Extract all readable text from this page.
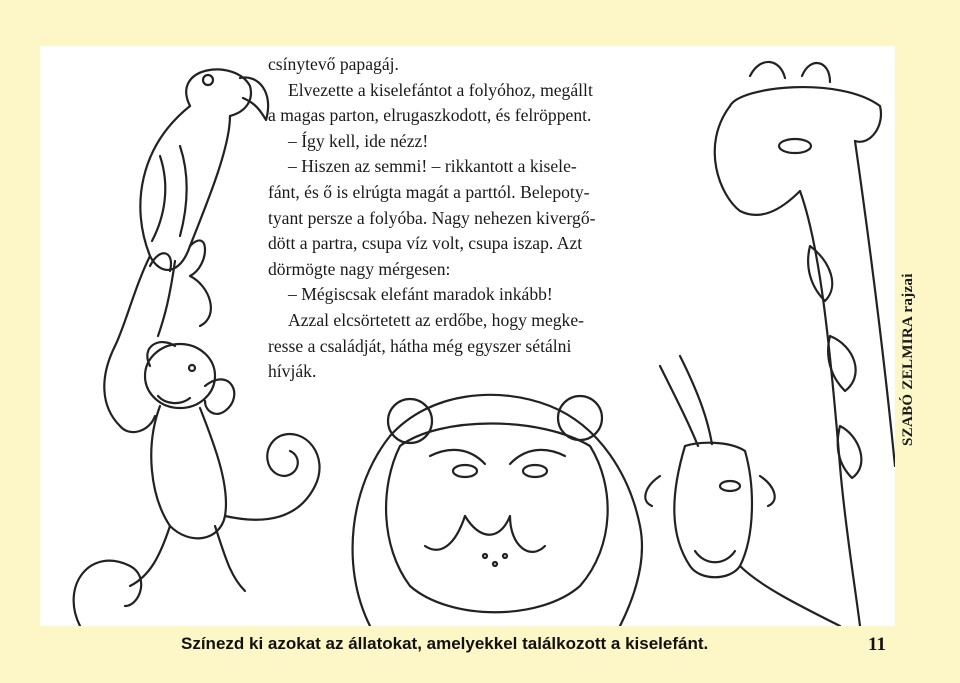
csínytevő papagáj.
Elvezette a kiselefántot a folyóhoz, megállt
a magas parton, elrugaszkodott, és felröppent.
– Így kell, ide nézz!
– Hiszen az semmi! – rikkantott a kisele-
fánt, és ő is elrúgta magát a parttól. Belepoty-
tyant persze a folyóba. Nagy nehezen kivergő-
dött a partra, csupa víz volt, csupa iszap. Azt
dörmögte nagy mérgesen:
– Mégiscsak elefánt maradok inkább!
Azzal elcsörtetett az erdőbe, hogy megke-
resse a családját, hátha még egyszer sétálni
hívják.	SZABÓ ZELMIRA rajzai
Színezd ki azokat az állatokat, amelyekkel találkozott a kiselefánt.	11
